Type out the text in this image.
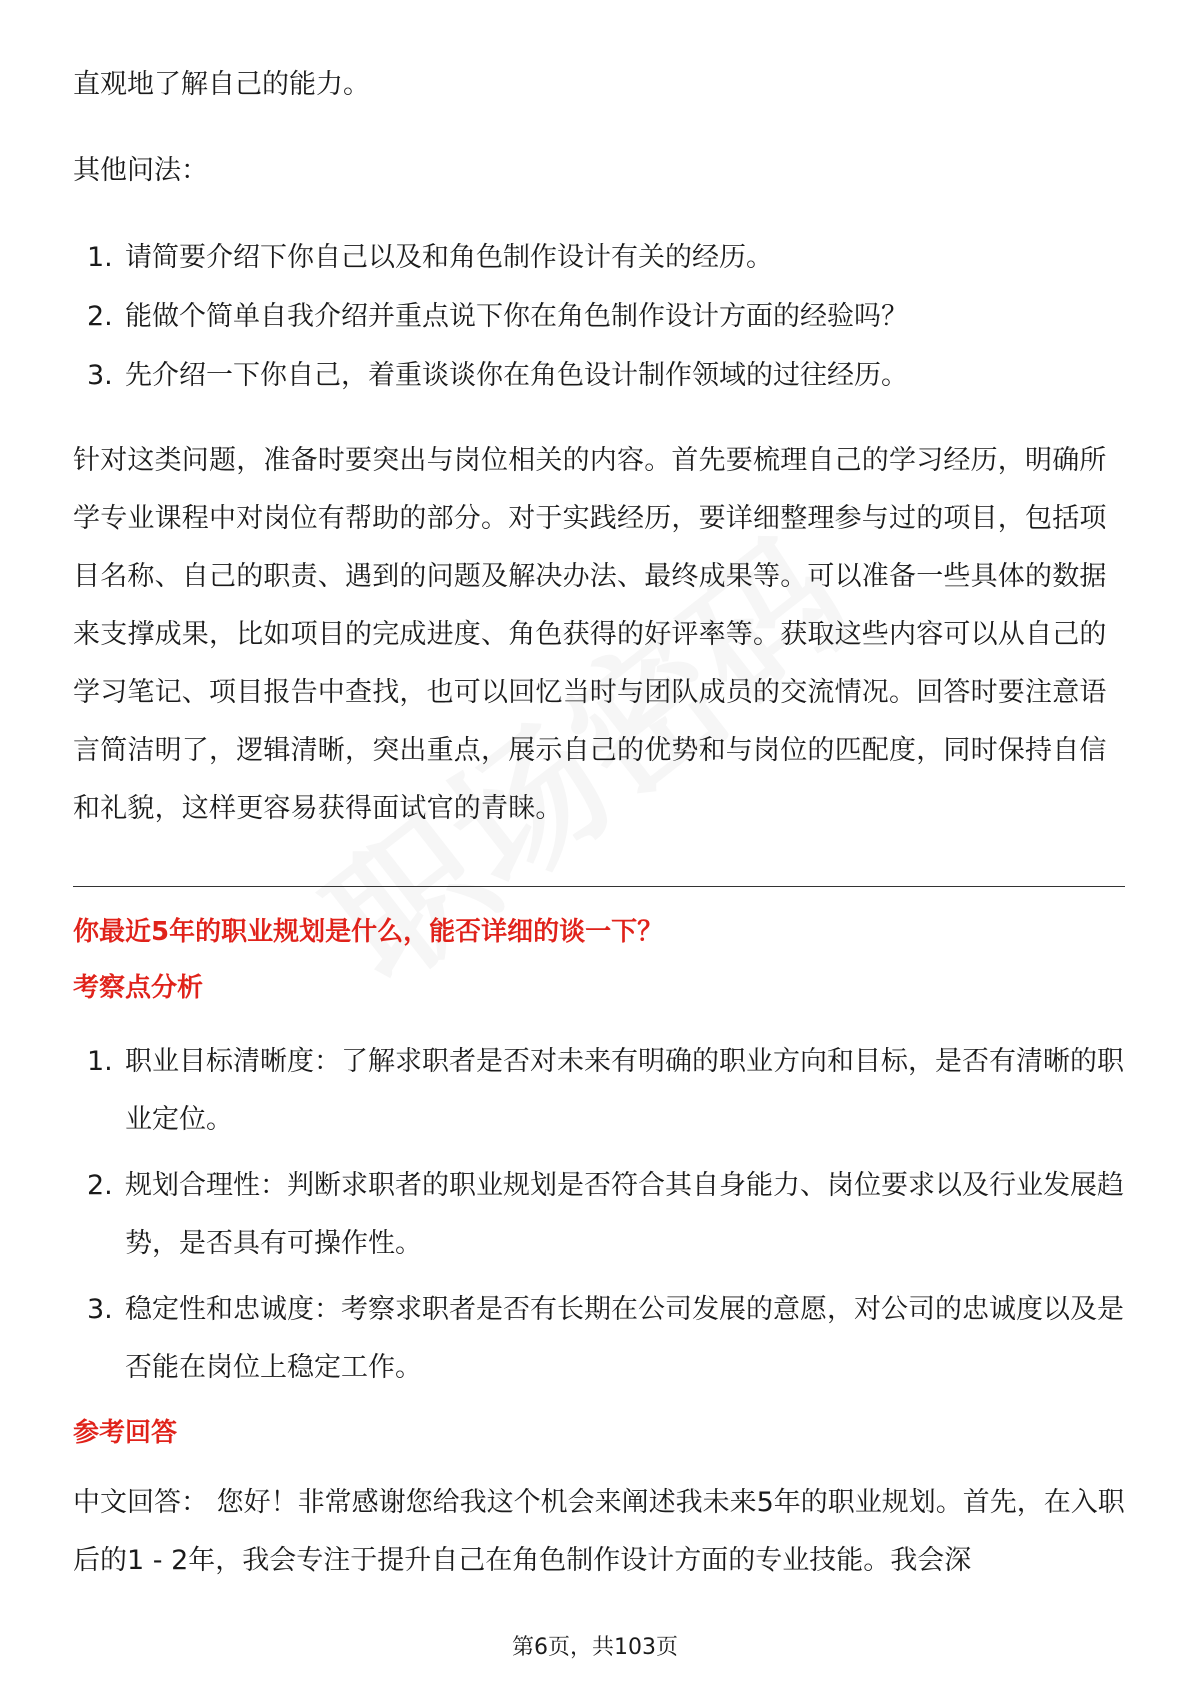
直观地了解自己的能力。

其他问法：

1. 请简要介绍下你自己以及和角色制作设计有关的经历。
2. 能做个简单自我介绍并重点说下你在角色制作设计方面的经验吗？
3. 先介绍一下你自己，着重谈谈你在角色设计制作领域的过往经历。

针对这类问题，准备时要突出与岗位相关的内容。首先要梳理自己的学习经历，明确所学专业课程中对岗位有帮助的部分。对于实践经历，要详细整理参与过的项目，包括项目名称、自己的职责、遇到的问题及解决办法、最终成果等。可以准备一些具体的数据来支撑成果，比如项目的完成进度、角色获得的好评率等。获取这些内容可以从自己的学习笔记、项目报告中查找，也可以回忆当时与团队成员的交流情况。回答时要注意语言简洁明了，逻辑清晰，突出重点，展示自己的优势和与岗位的匹配度，同时保持自信和礼貌，这样更容易获得面试官的青睐。

你最近5年的职业规划是什么，能否详细的谈一下？
考察点分析
1. 职业目标清晰度：了解求职者是否对未来有明确的职业方向和目标，是否有清晰的职业定位。
2. 规划合理性：判断求职者的职业规划是否符合其自身能力、岗位要求以及行业发展趋势，是否具有可操作性。
3. 稳定性和忠诚度：考察求职者是否有长期在公司发展的意愿，对公司的忠诚度以及是否能在岗位上稳定工作。
参考回答

中文回答： 您好！非常感谢您给我这个机会来阐述我未来5年的职业规划。首先，在入职后的1 - 2年，我会专注于提升自己在角色制作设计方面的专业技能。我会深

第6页，共103页
